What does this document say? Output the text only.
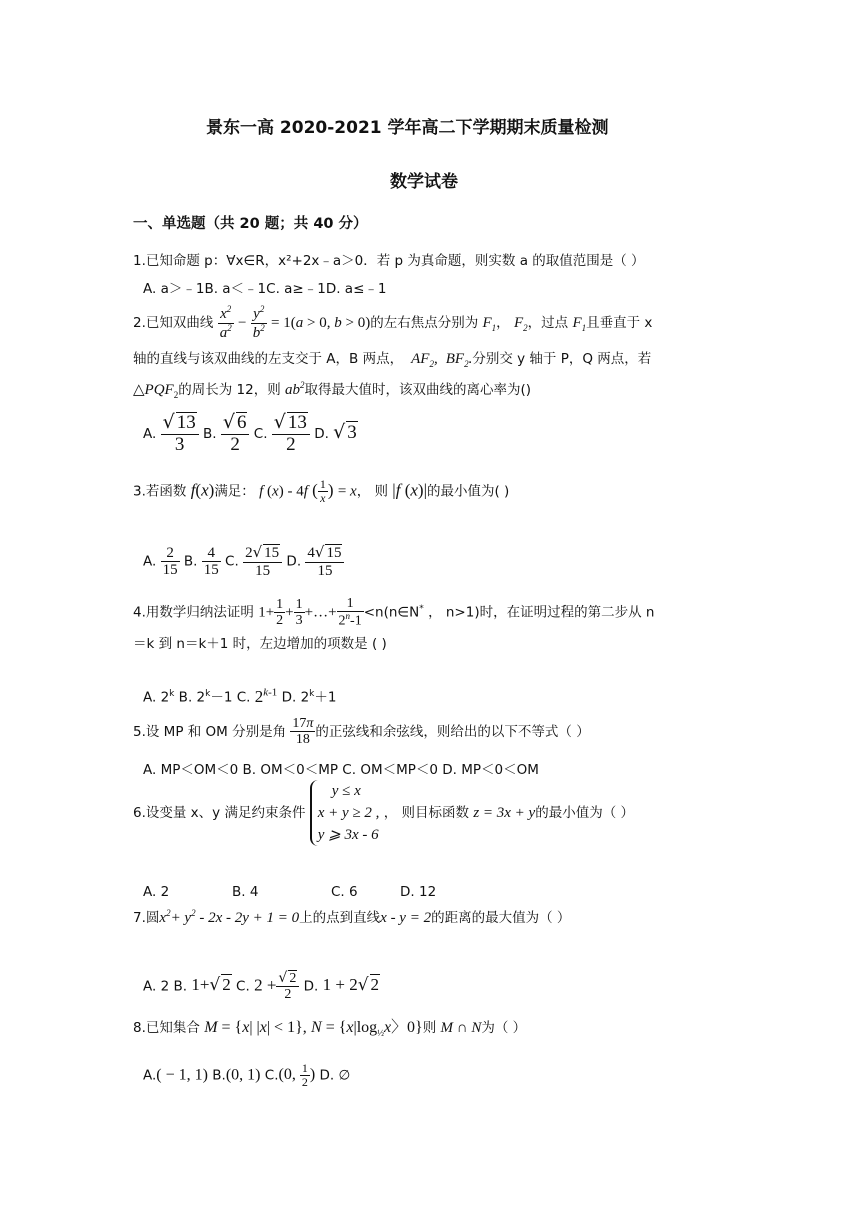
景东一高 2020-2021 学年高二下学期期末质量检测
数学试卷
一、单选题（共 20 题；共 40 分）
1.已知命题 p：∀x∈R，x²+2x﹣a＞0．若 p 为真命题，则实数 a 的取值范围是（ ）
A. a＞﹣1B. a＜﹣1C. a≥﹣1D. a≤﹣1
2.已知双曲线 $\frac{x^2}{a^2} - \frac{y^2}{b^2} = 1(a > 0$, b > 0)的左右焦点分别为 $F_1$， $F_2$，过点 $F_1$且垂直于 x
轴的直线与该双曲线的左支交于 A，B 两点，  $AF_2$,  $BF_2$.分别交 y 轴于 P，Q 两点，若
$\triangle PQF_2$的周长为 12，则 $ab^2$取得最大值时，该双曲线的离心率为()
A. $\frac{√ 13}{3} B$. $\frac{√ 6}{2} C$. $\frac{√ 13}{2} D$. √ 3
3.若函数 f(x)满足： f (x) - 4f ( $\frac{1}{x}$ ) = x， 则 |f (x)|的最小值为( )
A. $\frac{2}{15} B$. $\frac{4}{15} C$. $\frac{2√ 15}{15} D$. $\frac{4√ 15}{15}$
4.用数学归纳法证明 $1+ \frac{1}{2} + \frac{1}{3}$ +…+ $\frac{1}{2^n-1}$ <n(n∈N* ， n>1)时，在证明过程的第二步从 n
＝k 到 n＝k＋1 时，左边增加的项数是 ( )
A. 2$^k$ B. $2^k-1$ C. 2$^{k-1}$ D. $2^k+1$
5.设 MP 和 OM 分别是角 $\frac{17\pi}{18}$ 的正弦线和余弦线，则给出的以下不等式（ ）
A. MP＜OM＜0 B. OM＜0＜MP C. OM＜MP＜0 D. MP＜0＜OM
6.设变量 x、y 满足约束条件
y ≤ x
x + y ≥ 2 ,
y ⩾ 3x - 6
， 则目标函数 z = 3x + y的最小值为（ ）
A. 2	B. 4	C. 6	D. 12
7.圆$x^2+ y^2 - 2x - 2y + 1 = 0$上的点到直线x - y = 2的距离的最大值为（ ）
A. 2 B. 1+√ 2 C. $2 + \frac{√ 2}{2} D$. 1 + 2√ 2
8.已知集合 M = {x| |x| < 1}, $N = \{x|\log_{\frac{1}{2}}x$〉0}则 M ∩ N为（ ）
A.( − 1, 1) B.(0, 1) C.(0, $\frac{1}{2}$ ) D. ∅
